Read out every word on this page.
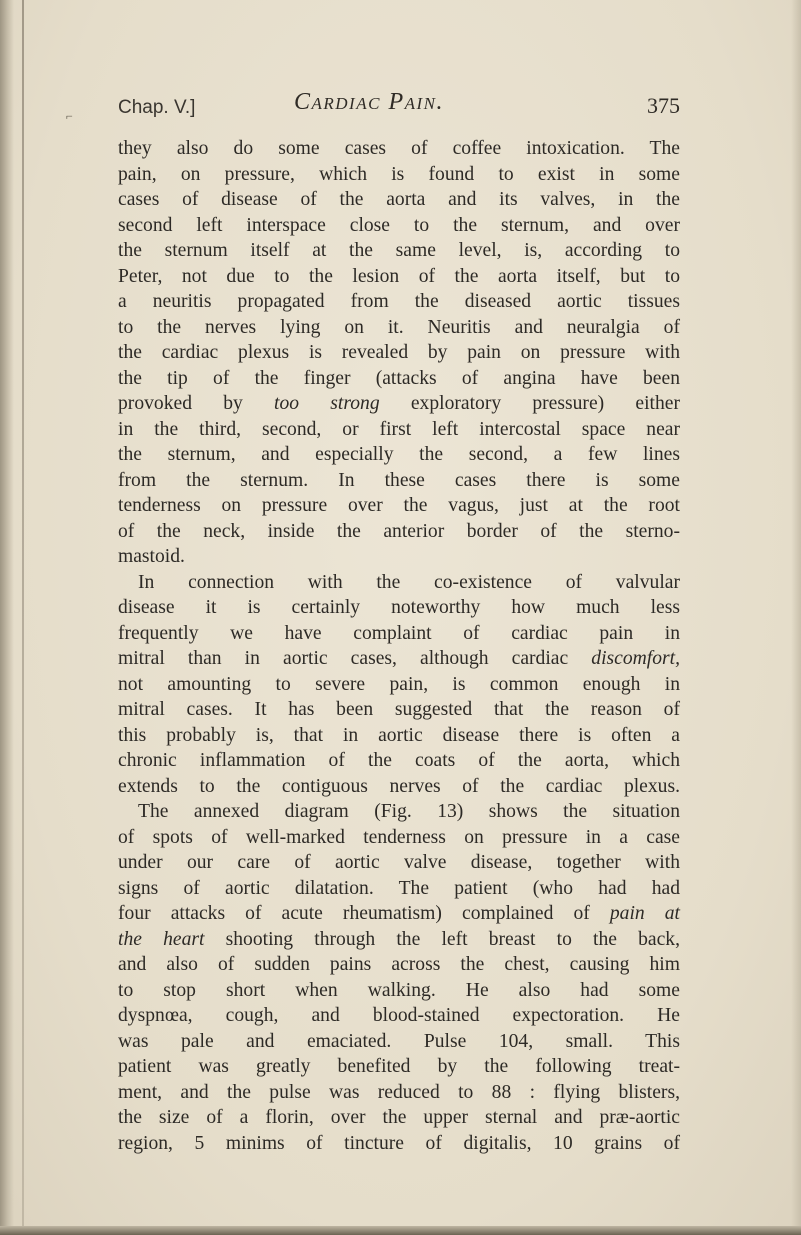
⌐ Chap. V.]	Cardiac Pain.	375
they also do some cases of coffee intoxication. The
pain, on pressure, which is found to exist in some
cases of disease of the aorta and its valves, in the
second left interspace close to the sternum, and over
the sternum itself at the same level, is, according to
Peter, not due to the lesion of the aorta itself, but to
a neuritis propagated from the diseased aortic tissues
to the nerves lying on it. Neuritis and neuralgia of
the cardiac plexus is revealed by pain on pressure with
the tip of the finger (attacks of angina have been
provoked by too strong exploratory pressure) either
in the third, second, or first left intercostal space near
the sternum, and especially the second, a few lines
from the sternum. In these cases there is some
tenderness on pressure over the vagus, just at the root
of the neck, inside the anterior border of the sterno-
mastoid.
In connection with the co-existence of valvular
disease it is certainly noteworthy how much less
frequently we have complaint of cardiac pain in
mitral than in aortic cases, although cardiac discomfort,
not amounting to severe pain, is common enough in
mitral cases. It has been suggested that the reason of
this probably is, that in aortic disease there is often a
chronic inflammation of the coats of the aorta, which
extends to the contiguous nerves of the cardiac plexus.
The annexed diagram (Fig. 13) shows the situation
of spots of well-marked tenderness on pressure in a case
under our care of aortic valve disease, together with
signs of aortic dilatation. The patient (who had had
four attacks of acute rheumatism) complained of pain at
the heart shooting through the left breast to the back,
and also of sudden pains across the chest, causing him
to stop short when walking. He also had some
dyspnœa, cough, and blood-stained expectoration. He
was pale and emaciated. Pulse 104, small. This
patient was greatly benefited by the following treat-
ment, and the pulse was reduced to 88 : flying blisters,
the size of a florin, over the upper sternal and præ-aortic
region, 5 minims of tincture of digitalis, 10 grains of
